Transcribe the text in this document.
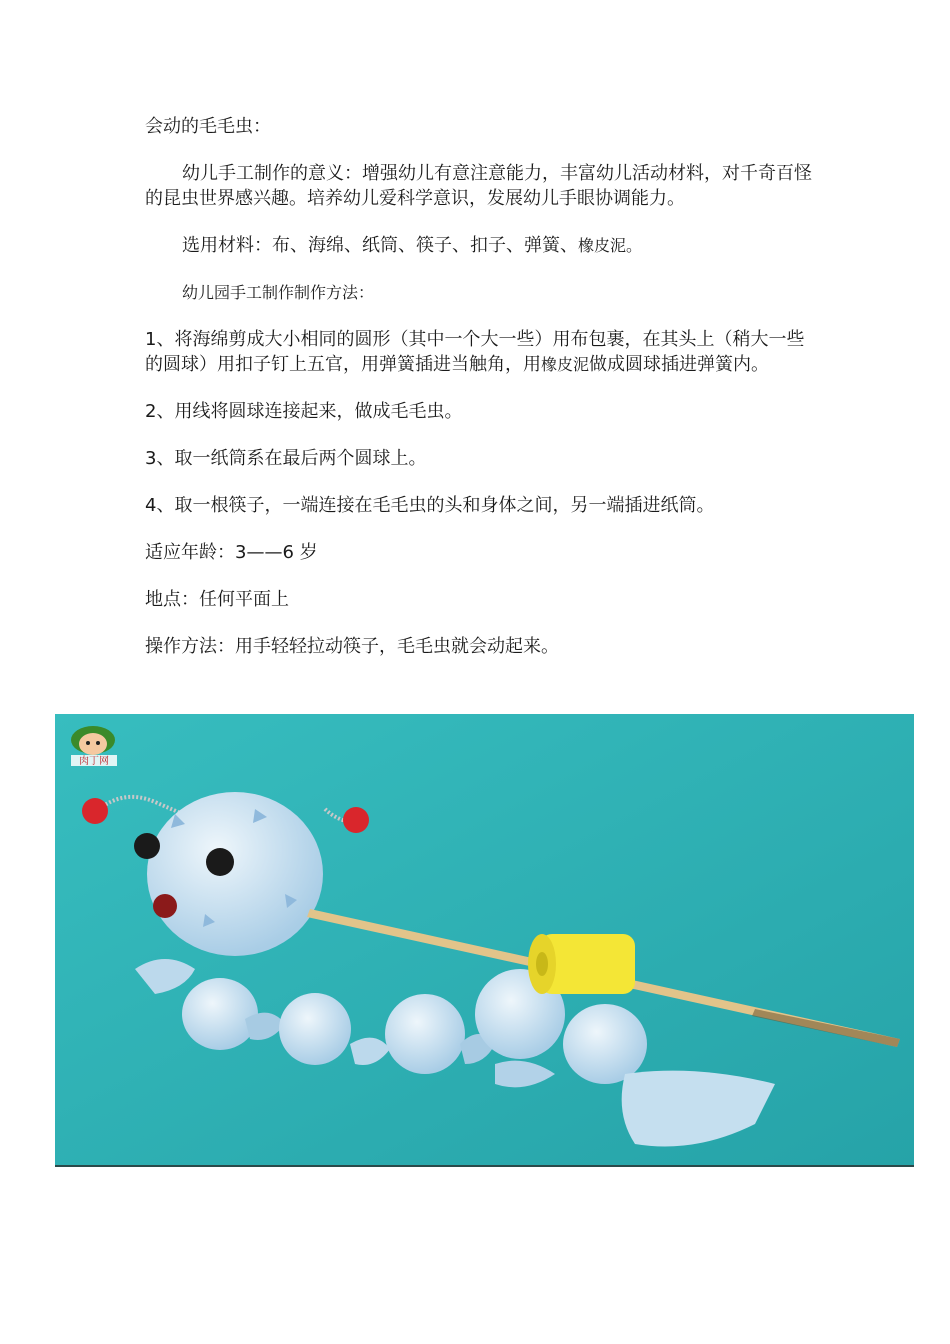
会动的毛毛虫：

幼儿手工制作的意义：增强幼儿有意注意能力，丰富幼儿活动材料，对千奇百怪的昆虫世界感兴趣。培养幼儿爱科学意识，发展幼儿手眼协调能力。

选用材料：布、海绵、纸筒、筷子、扣子、弹簧、橡皮泥。

幼儿园手工制作制作方法：

1、将海绵剪成大小相同的圆形（其中一个大一些）用布包裹，在其头上（稍大一些的圆球）用扣子钉上五官，用弹簧插进当触角，用橡皮泥做成圆球插进弹簧内。

2、用线将圆球连接起来，做成毛毛虫。

3、取一纸筒系在最后两个圆球上。

4、取一根筷子，一端连接在毛毛虫的头和身体之间，另一端插进纸筒。

适应年龄：3——6 岁

地点：任何平面上

操作方法：用手轻轻拉动筷子，毛毛虫就会动起来。

肉丁网
